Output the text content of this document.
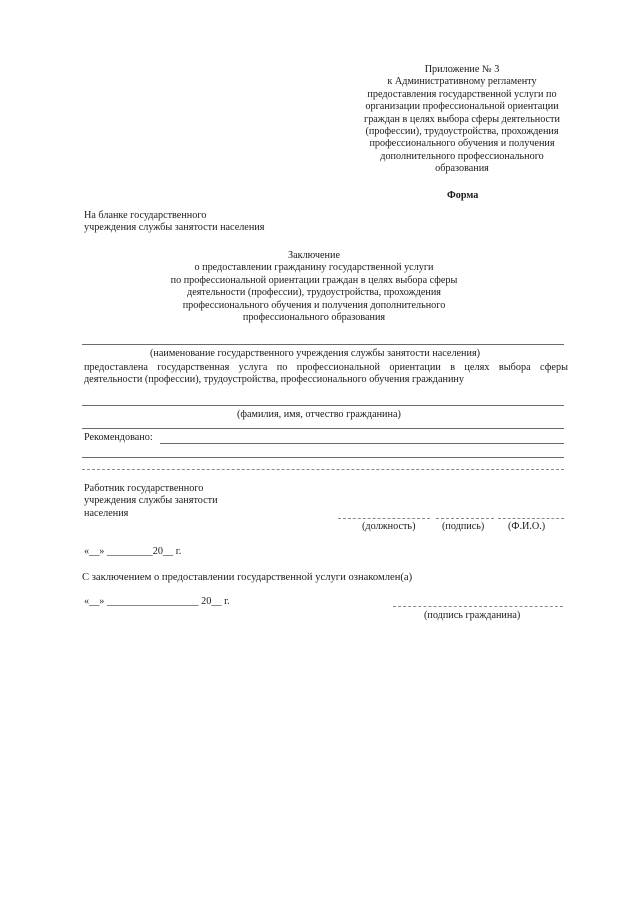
Приложение № 3
к Административному регламенту
предоставления государственной услуги по
организации профессиональной ориентации
граждан в целях выбора сферы деятельности
(профессии), трудоустройства, прохождения
профессионального обучения и получения
дополнительного профессионального
образования
Форма
На бланке государственного
учреждения службы занятости населения
Заключение
о предоставлении гражданину государственной услуги
по профессиональной ориентации граждан в целях выбора сферы
деятельности (профессии), трудоустройства, прохождения
профессионального обучения и получения дополнительного
профессионального образования
(наименование государственного учреждения службы занятости населения)
предоставлена государственная услуга по профессиональной ориентации в целях выбора сферы
деятельности (профессии), трудоустройства, профессионального обучения гражданину
(фамилия, имя, отчество гражданина)
Рекомендовано:
Работник государственного
учреждения службы занятости
населения
(должность)	(подпись) (Ф.И.О.)
«__» _________20__ г.
С заключением о предоставлении государственной услуги ознакомлен(а)
«__» __________________ 20__ г.
(подпись гражданина)
